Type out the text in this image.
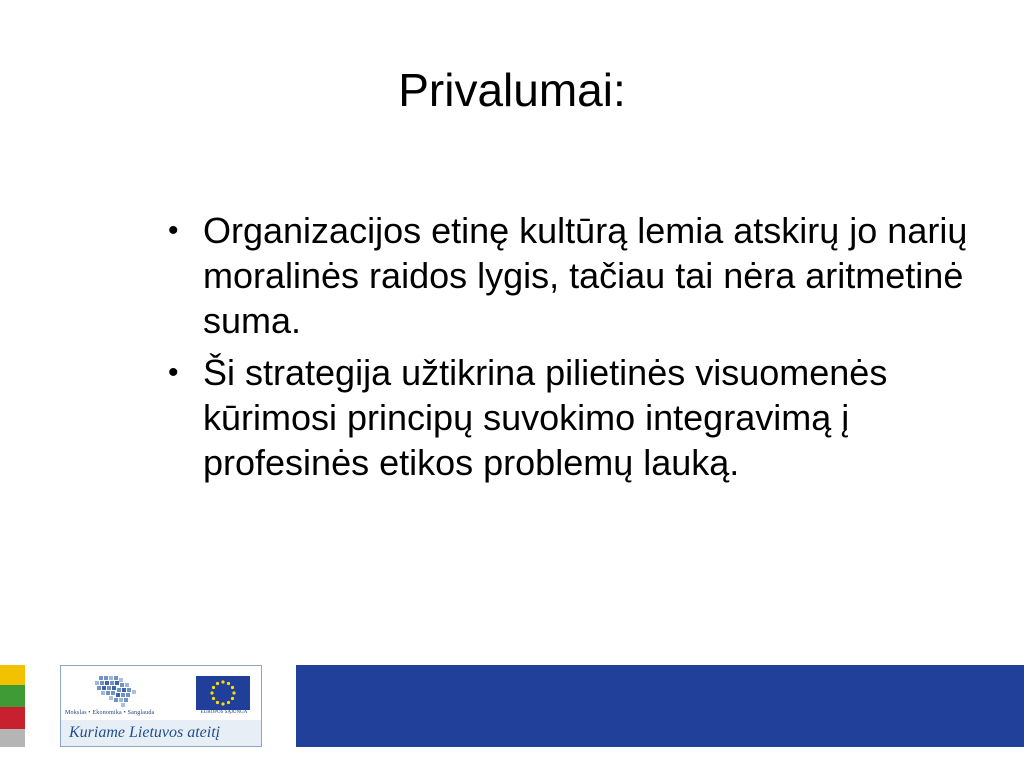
Privalumai:
• Organizacijos etinę kultūrą lemia atskirų jo narių moralinės raidos lygis, tačiau tai nėra aritmetinė suma.
• Ši strategija užtikrina pilietinės visuomenės kūrimosi principų suvokimo integravimą į profesinės etikos problemų lauką.
Mokslas • Ekonomika • Sanglauda	EUROPOS SĄJUNGA
Kuriame Lietuvos ateitį
